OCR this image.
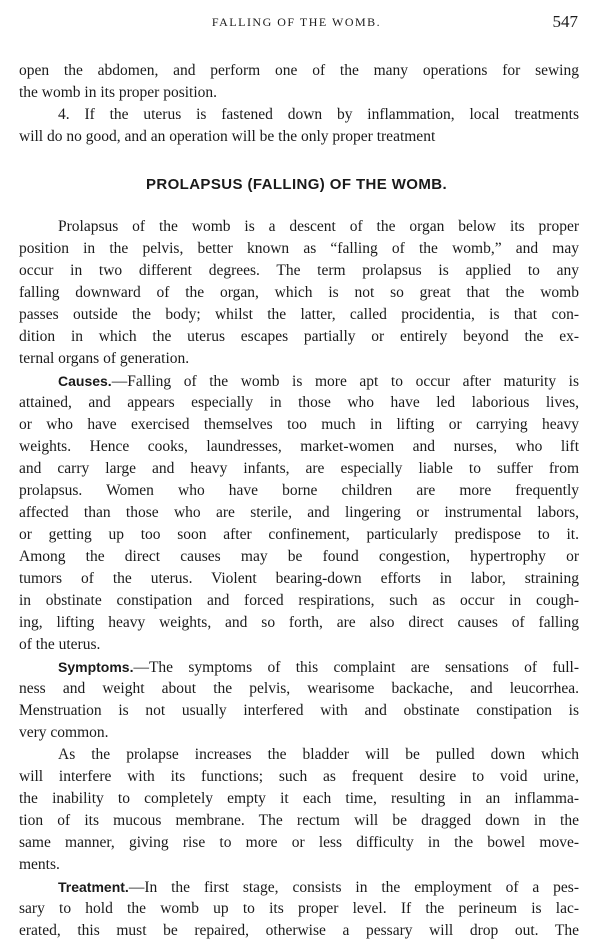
FALLING OF THE WOMB.	547
open the abdomen, and perform one of the many operations for sewing
the womb in its proper position.
4. If the uterus is fastened down by inflammation, local treatments
will do no good, and an operation will be the only proper treatment
PROLAPSUS (FALLING) OF THE WOMB.
Prolapsus of the womb is a descent of the organ below its proper
position in the pelvis, better known as “falling of the womb,” and may
occur in two different degrees. The term prolapsus is applied to any
falling downward of the organ, which is not so great that the womb
passes outside the body; whilst the latter, called procidentia, is that con-
dition in which the uterus escapes partially or entirely beyond the ex-
ternal organs of generation.
Causes.—Falling of the womb is more apt to occur after maturity is
attained, and appears especially in those who have led laborious lives,
or who have exercised themselves too much in lifting or carrying heavy
weights. Hence cooks, laundresses, market-women and nurses, who lift
and carry large and heavy infants, are especially liable to suffer from
prolapsus. Women who have borne children are more frequently
affected than those who are sterile, and lingering or instrumental labors,
or getting up too soon after confinement, particularly predispose to it.
Among the direct causes may be found congestion, hypertrophy or
tumors of the uterus. Violent bearing-down efforts in labor, straining
in obstinate constipation and forced respirations, such as occur in cough-
ing, lifting heavy weights, and so forth, are also direct causes of falling
of the uterus.
Symptoms.—The symptoms of this complaint are sensations of full-
ness and weight about the pelvis, wearisome backache, and leucorrhea.
Menstruation is not usually interfered with and obstinate constipation is
very common.
As the prolapse increases the bladder will be pulled down which
will interfere with its functions; such as frequent desire to void urine,
the inability to completely empty it each time, resulting in an inflamma-
tion of its mucous membrane. The rectum will be dragged down in the
same manner, giving rise to more or less difficulty in the bowel move-
ments.
Treatment.—In the first stage, consists in the employment of a pes-
sary to hold the womb up to its proper level. If the perineum is lac-
erated, this must be repaired, otherwise a pessary will drop out. The
